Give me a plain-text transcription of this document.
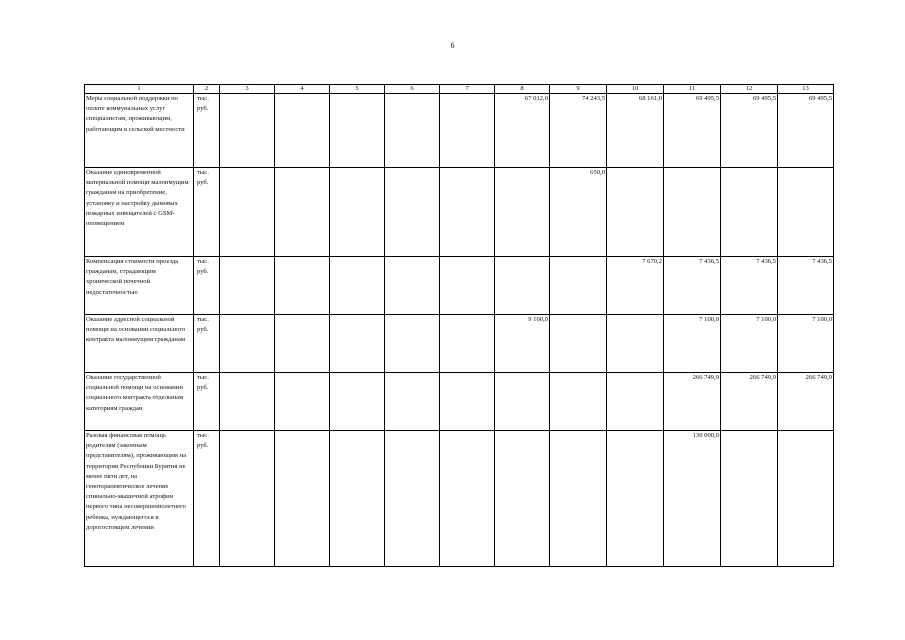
6
1	2	3	4	5	6	7	8	9	10	11	12	13
Меры социальной поддержки по оплате коммунальных услуг специалистам, проживающим, работающим в сельской местности	тыс. руб.						67 012,0	74 243,5	68 161,0	69 495,5	69 495,5	69 495,5
Оказание единовременной материальной помощи малоимущим гражданам на приобретение, установку и настройку дымовых пожарных извещателей с GSM-оповещением	тыс. руб.							650,0				
Компенсация стоимости проезда гражданам, страдающим хронической почечной недостаточностью	тыс. руб.								7 670,2	7 436,5	7 436,5	7 436,5
Оказание адресной социальной помощи на основании социального контракта малоимущим гражданам	тыс. руб.						9 100,0			7 100,0	7 100,0	7 100,0
Оказание государственной социальной помощи на основании социального контракта отдельным категориям граждан	тыс. руб.									266 749,9	266 749,9	266 749,9
Разовая финансовая помощь родителям (законным представителям), проживающим на территории Республики Бурятия не менее пяти лет, на генотерапевтическое лечение спинально-мышечной атрофии первого типа несовершеннолетнего ребенка, нуждающегося в дорогостоящем лечении	тыс. руб.									130 000,0		
